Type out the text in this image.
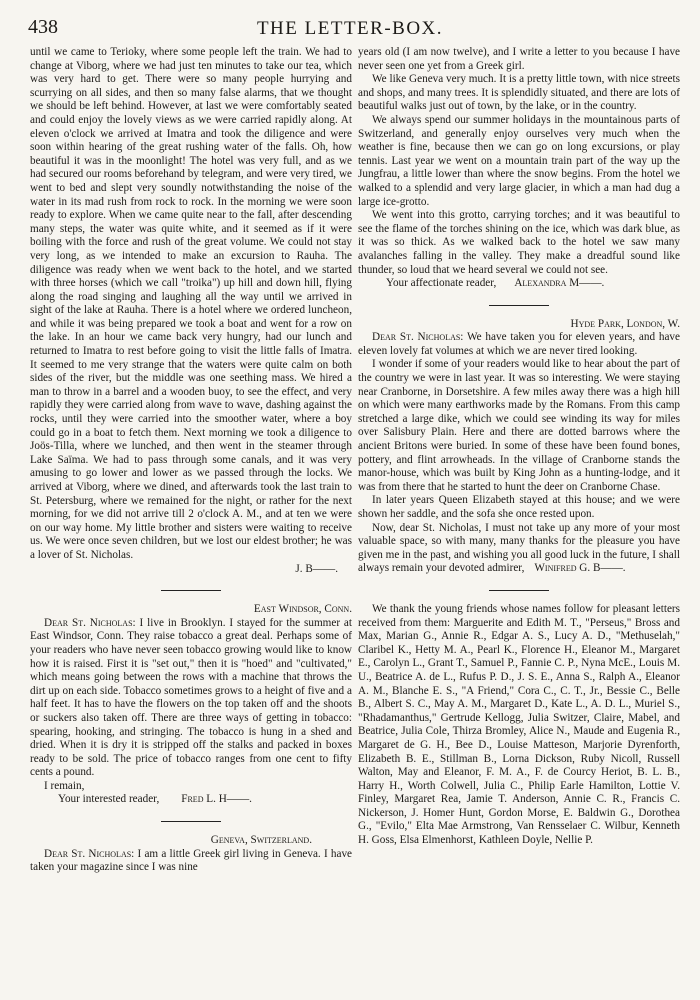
438	THE LETTER-BOX.

until we came to Terioky, where some people left the train. We had to change at Viborg, where we had just ten minutes to take our tea, which was very hard to get. There were so many people hurrying and scurrying on all sides, and then so many false alarms, that we thought we should be left behind. However, at last we were comfortably seated and could enjoy the lovely views as we were carried rapidly along. At eleven o'clock we arrived at Imatra and took the diligence and were soon within hearing of the great rushing water of the falls. Oh, how beautiful it was in the moonlight! The hotel was very full, and as we had secured our rooms beforehand by telegram, and were very tired, we went to bed and slept very soundly notwithstanding the noise of the water in its mad rush from rock to rock. In the morning we were soon ready to explore. When we came quite near to the fall, after descending many steps, the water was quite white, and it seemed as if it were boiling with the force and rush of the great volume. We could not stay very long, as we intended to make an excursion to Rauha. The diligence was ready when we went back to the hotel, and we started with three horses (which we call "troika") up hill and down hill, flying along the road singing and laughing all the way until we arrived in sight of the lake at Rauha. There is a hotel where we ordered luncheon, and while it was being prepared we took a boat and went for a row on the lake. In an hour we came back very hungry, had our lunch and returned to Imatra to rest before going to visit the little falls of Imatra. It seemed to me very strange that the waters were quite calm on both sides of the river, but the middle was one seething mass. We hired a man to throw in a barrel and a wooden buoy, to see the effect, and very rapidly they were carried along from wave to wave, dashing against the rocks, until they were carried into the smoother water, where a boy could go in a boat to fetch them. Next morning we took a diligence to Joös-Tilla, where we lunched, and then went in the steamer through Lake Saïma. We had to pass through some canals, and it was very amusing to go lower and lower as we passed through the locks. We arrived at Viborg, where we dined, and afterwards took the last train to St. Petersburg, where we remained for the night, or rather for the next morning, for we did not arrive till 2 o'clock A. M., and at ten we were on our way home. My little brother and sisters were waiting to receive us. We were once seven children, but we lost our eldest brother; he was a lover of St. Nicholas.

J. B——.

East Windsor, Conn.

Dear St. Nicholas: I live in Brooklyn. I stayed for the summer at East Windsor, Conn. They raise tobacco a great deal. Perhaps some of your readers who have never seen tobacco growing would like to know how it is raised. First it is "set out," then it is "hoed" and "cultivated," which means going between the rows with a machine that throws the dirt up on each side. Tobacco sometimes grows to a height of five and a half feet. It has to have the flowers on the top taken off and the shoots or suckers also taken off. There are three ways of getting in tobacco: spearing, hooking, and stringing. The tobacco is hung in a shed and dried. When it is dry it is stripped off the stalks and packed in boxes ready to be sold. The price of tobacco ranges from one cent to fifty cents a pound.

I remain,

Your interested reader, Fred L. H——.

Geneva, Switzerland.

Dear St. Nicholas: I am a little Greek girl living in Geneva. I have taken your magazine since I was nine

years old (I am now twelve), and I write a letter to you because I have never seen one yet from a Greek girl.

We like Geneva very much. It is a pretty little town, with nice streets and shops, and many trees. It is splendidly situated, and there are lots of beautiful walks just out of town, by the lake, or in the country.

We always spend our summer holidays in the mountainous parts of Switzerland, and generally enjoy ourselves very much when the weather is fine, because then we can go on long excursions, or play tennis. Last year we went on a mountain train part of the way up the Jungfrau, a little lower than where the snow begins. From the hotel we walked to a splendid and very large glacier, in which a man had dug a large ice-grotto.

We went into this grotto, carrying torches; and it was beautiful to see the flame of the torches shining on the ice, which was dark blue, as it was so thick. As we walked back to the hotel we saw many avalanches falling in the valley. They make a dreadful sound like thunder, so loud that we heard several we could not see.

Your affectionate reader, Alexandra M——.

Hyde Park, London, W.

Dear St. Nicholas: We have taken you for eleven years, and have eleven lovely fat volumes at which we are never tired looking.

I wonder if some of your readers would like to hear about the part of the country we were in last year. It was so interesting. We were staying near Cranborne, in Dorsetshire. A few miles away there was a high hill on which were many earthworks made by the Romans. From this camp stretched a large dike, which we could see winding its way for miles over Salisbury Plain. Here and there are dotted barrows where the ancient Britons were buried. In some of these have been found bones, pottery, and flint arrowheads. In the village of Cranborne stands the manor-house, which was built by King John as a hunting-lodge, and it was from there that he started to hunt the deer on Cranborne Chase.

In later years Queen Elizabeth stayed at this house; and we were shown her saddle, and the sofa she once rested upon.

Now, dear St. Nicholas, I must not take up any more of your most valuable space, so with many, many thanks for the pleasure you have given me in the past, and wishing you all good luck in the future, I shall always remain your devoted admirer, Winifred G. B——.

We thank the young friends whose names follow for pleasant letters received from them: Marguerite and Edith M. T., "Perseus," Bross and Max, Marian G., Annie R., Edgar A. S., Lucy A. D., "Methuselah," Claribel K., Hetty M. A., Pearl K., Florence H., Eleanor M., Margaret E., Carolyn L., Grant T., Samuel P., Fannie C. P., Nyna McE., Louis M. U., Beatrice A. de L., Rufus P. D., J. S. E., Anna S., Ralph A., Eleanor A. M., Blanche E. S., "A Friend," Cora C., C. T., Jr., Bessie C., Belle B., Albert S. C., May A. M., Margaret D., Kate L., A. D. L., Muriel S., "Rhadamanthus," Gertrude Kellogg, Julia Switzer, Claire, Mabel, and Beatrice, Julia Cole, Thirza Bromley, Alice N., Maude and Eugenia R., Margaret de G. H., Bee D., Louise Matteson, Marjorie Dyrenforth, Elizabeth B. E., Stillman B., Lorna Dickson, Ruby Nicoll, Russell Walton, May and Eleanor, F. M. A., F. de Courcy Heriot, B. L. B., Harry H., Worth Colwell, Julia C., Philip Earle Hamilton, Lottie V. Finley, Margaret Rea, Jamie T. Anderson, Annie C. R., Francis C. Nickerson, J. Homer Hunt, Gordon Morse, E. Baldwin G., Dorothea G., "Evilo," Elta Mae Armstrong, Van Rensselaer C. Wilbur, Kenneth H. Goss, Elsa Elmenhorst, Kathleen Doyle, Nellie P.
